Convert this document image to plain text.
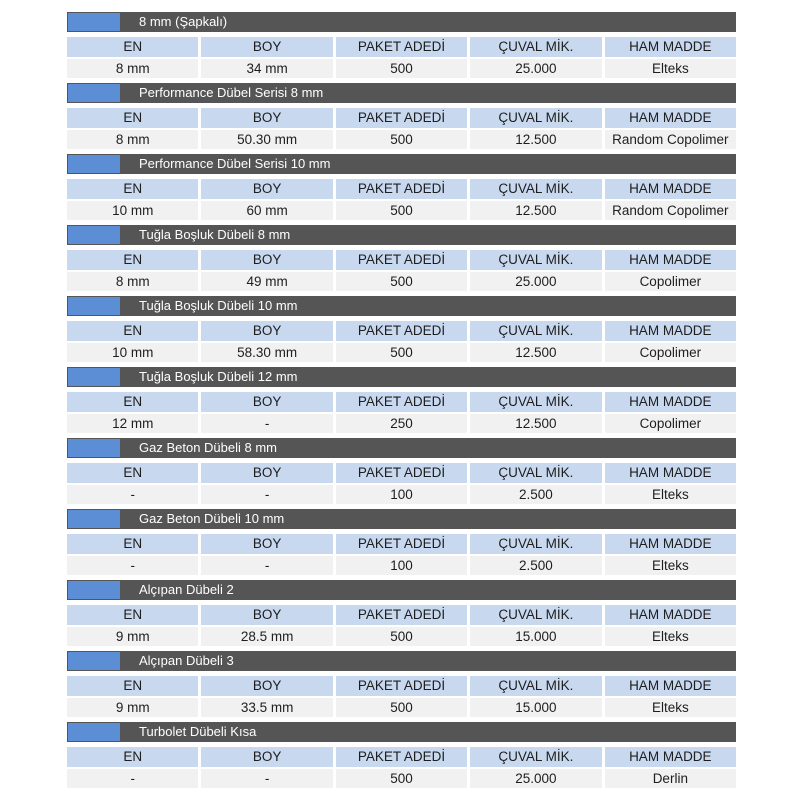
8 mm (Şapkalı)
EN	BOY	PAKET ADEDİ	ÇUVAL MİK.	HAM MADDE
8 mm	34 mm	500	25.000	Elteks
Performance Dübel Serisi 8 mm
EN	BOY	PAKET ADEDİ	ÇUVAL MİK.	HAM MADDE
8 mm	50.30 mm	500	12.500	Random Copolimer
Performance Dübel Serisi 10 mm
EN	BOY	PAKET ADEDİ	ÇUVAL MİK.	HAM MADDE
10 mm	60 mm	500	12.500	Random Copolimer
Tuğla Boşluk Dübeli 8 mm
EN	BOY	PAKET ADEDİ	ÇUVAL MİK.	HAM MADDE
8 mm	49 mm	500	25.000	Copolimer
Tuğla Boşluk Dübeli 10 mm
EN	BOY	PAKET ADEDİ	ÇUVAL MİK.	HAM MADDE
10 mm	58.30 mm	500	12.500	Copolimer
Tuğla Boşluk Dübeli 12 mm
EN	BOY	PAKET ADEDİ	ÇUVAL MİK.	HAM MADDE
12 mm	-	250	12.500	Copolimer
Gaz Beton Dübeli 8 mm
EN	BOY	PAKET ADEDİ	ÇUVAL MİK.	HAM MADDE
-	-	100	2.500	Elteks
Gaz Beton Dübeli 10 mm
EN	BOY	PAKET ADEDİ	ÇUVAL MİK.	HAM MADDE
-	-	100	2.500	Elteks
Alçıpan Dübeli 2
EN	BOY	PAKET ADEDİ	ÇUVAL MİK.	HAM MADDE
9 mm	28.5 mm	500	15.000	Elteks
Alçıpan Dübeli 3
EN	BOY	PAKET ADEDİ	ÇUVAL MİK.	HAM MADDE
9 mm	33.5 mm	500	15.000	Elteks
Turbolet Dübeli Kısa
EN	BOY	PAKET ADEDİ	ÇUVAL MİK.	HAM MADDE
-	-	500	25.000	Derlin
